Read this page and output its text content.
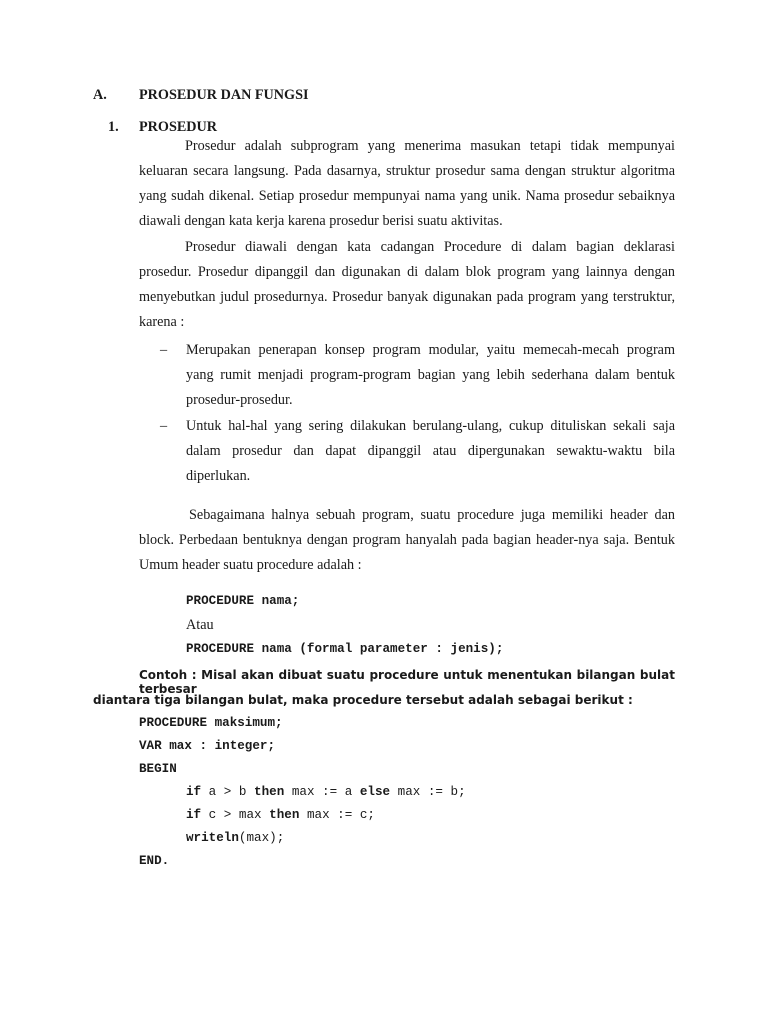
A. PROSEDUR DAN FUNGSI
1. PROSEDUR
Prosedur adalah subprogram yang menerima masukan tetapi tidak mempunyai keluaran secara langsung. Pada dasarnya, struktur prosedur sama dengan struktur algoritma yang sudah dikenal. Setiap prosedur mempunyai nama yang unik. Nama prosedur sebaiknya diawali dengan kata kerja karena prosedur berisi suatu aktivitas.
Prosedur diawali dengan kata cadangan Procedure di dalam bagian deklarasi prosedur. Prosedur dipanggil dan digunakan di dalam blok program yang lainnya dengan menyebutkan judul prosedurnya. Prosedur banyak digunakan pada program yang terstruktur, karena :
–	Merupakan penerapan konsep program modular, yaitu memecah-mecah program yang rumit menjadi program-program bagian yang lebih sederhana dalam bentuk prosedur-prosedur.
–	Untuk hal-hal yang sering dilakukan berulang-ulang, cukup dituliskan sekali saja dalam prosedur dan dapat dipanggil atau dipergunakan sewaktu-waktu bila diperlukan.
Sebagaimana halnya sebuah program, suatu procedure juga memiliki header dan block. Perbedaan bentuknya dengan program hanyalah pada bagian header-nya saja. Bentuk Umum header suatu procedure adalah :
PROCEDURE nama;
Atau
PROCEDURE nama (formal parameter : jenis);
Contoh : Misal akan dibuat suatu procedure untuk menentukan bilangan bulat terbesar
diantara tiga bilangan bulat, maka procedure tersebut adalah sebagai berikut :
PROCEDURE maksimum;
VAR max : integer;
BEGIN
if a > b then max := a else max := b;
if c > max then max := c;
writeln(max);
END.
